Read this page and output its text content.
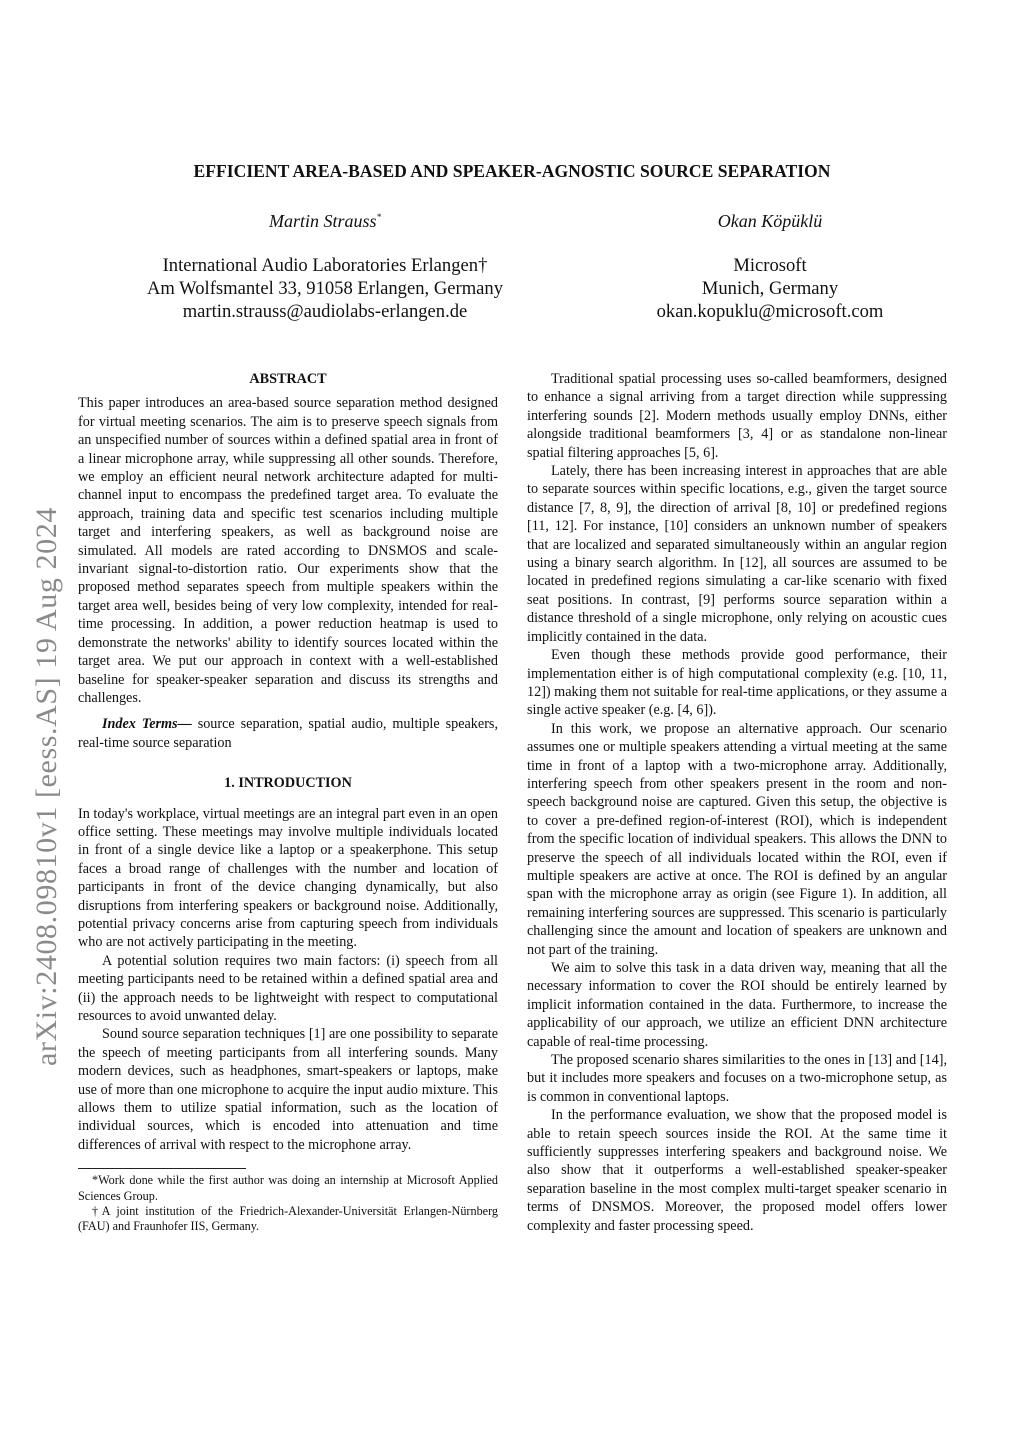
arXiv:2408.09810v1 [eess.AS] 19 Aug 2024
EFFICIENT AREA-BASED AND SPEAKER-AGNOSTIC SOURCE SEPARATION
Martin Strauss*
International Audio Laboratories Erlangen†
Am Wolfsmantel 33, 91058 Erlangen, Germany
martin.strauss@audiolabs-erlangen.de
Okan Köpüklü
Microsoft
Munich, Germany
okan.kopuklu@microsoft.com
ABSTRACT

This paper introduces an area-based source separation method designed for virtual meeting scenarios. The aim is to preserve speech signals from an unspecified number of sources within a defined spatial area in front of a linear microphone array, while suppressing all other sounds. Therefore, we employ an efficient neural network architecture adapted for multi-channel input to encompass the predefined target area. To evaluate the approach, training data and specific test scenarios including multiple target and interfering speakers, as well as background noise are simulated. All models are rated according to DNSMOS and scale-invariant signal-to-distortion ratio. Our experiments show that the proposed method separates speech from multiple speakers within the target area well, besides being of very low complexity, intended for real-time processing. In addition, a power reduction heatmap is used to demonstrate the networks' ability to identify sources located within the target area. We put our approach in context with a well-established baseline for speaker-speaker separation and discuss its strengths and challenges.

Index Terms— source separation, spatial audio, multiple speakers, real-time source separation

1. INTRODUCTION

In today's workplace, virtual meetings are an integral part even in an open office setting. These meetings may involve multiple individuals located in front of a single device like a laptop or a speakerphone. This setup faces a broad range of challenges with the number and location of participants in front of the device changing dynamically, but also disruptions from interfering speakers or background noise. Additionally, potential privacy concerns arise from capturing speech from individuals who are not actively participating in the meeting.

A potential solution requires two main factors: (i) speech from all meeting participants need to be retained within a defined spatial area and (ii) the approach needs to be lightweight with respect to computational resources to avoid unwanted delay.

Sound source separation techniques [1] are one possibility to separate the speech of meeting participants from all interfering sounds. Many modern devices, such as headphones, smart-speakers or laptops, make use of more than one microphone to acquire the input audio mixture. This allows them to utilize spatial information, such as the location of individual sources, which is encoded into attenuation and time differences of arrival with respect to the microphone array.

*Work done while the first author was doing an internship at Microsoft Applied Sciences Group.

†A joint institution of the Friedrich-Alexander-Universität Erlangen-Nürnberg (FAU) and Fraunhofer IIS, Germany.

Traditional spatial processing uses so-called beamformers, designed to enhance a signal arriving from a target direction while suppressing interfering sounds [2]. Modern methods usually employ DNNs, either alongside traditional beamformers [3, 4] or as standalone non-linear spatial filtering approaches [5, 6].

Lately, there has been increasing interest in approaches that are able to separate sources within specific locations, e.g., given the target source distance [7, 8, 9], the direction of arrival [8, 10] or predefined regions [11, 12]. For instance, [10] considers an unknown number of speakers that are localized and separated simultaneously within an angular region using a binary search algorithm. In [12], all sources are assumed to be located in predefined regions simulating a car-like scenario with fixed seat positions. In contrast, [9] performs source separation within a distance threshold of a single microphone, only relying on acoustic cues implicitly contained in the data.

Even though these methods provide good performance, their implementation either is of high computational complexity (e.g. [10, 11, 12]) making them not suitable for real-time applications, or they assume a single active speaker (e.g. [4, 6]).

In this work, we propose an alternative approach. Our scenario assumes one or multiple speakers attending a virtual meeting at the same time in front of a laptop with a two-microphone array. Additionally, interfering speech from other speakers present in the room and non-speech background noise are captured. Given this setup, the objective is to cover a pre-defined region-of-interest (ROI), which is independent from the specific location of individual speakers. This allows the DNN to preserve the speech of all individuals located within the ROI, even if multiple speakers are active at once. The ROI is defined by an angular span with the microphone array as origin (see Figure 1). In addition, all remaining interfering sources are suppressed. This scenario is particularly challenging since the amount and location of speakers are unknown and not part of the training.

We aim to solve this task in a data driven way, meaning that all the necessary information to cover the ROI should be entirely learned by implicit information contained in the data. Furthermore, to increase the applicability of our approach, we utilize an efficient DNN architecture capable of real-time processing.

The proposed scenario shares similarities to the ones in [13] and [14], but it includes more speakers and focuses on a two-microphone setup, as is common in conventional laptops.

In the performance evaluation, we show that the proposed model is able to retain speech sources inside the ROI. At the same time it sufficiently suppresses interfering speakers and background noise. We also show that it outperforms a well-established speaker-speaker separation baseline in the most complex multi-target speaker scenario in terms of DNSMOS. Moreover, the proposed model offers lower complexity and faster processing speed.
